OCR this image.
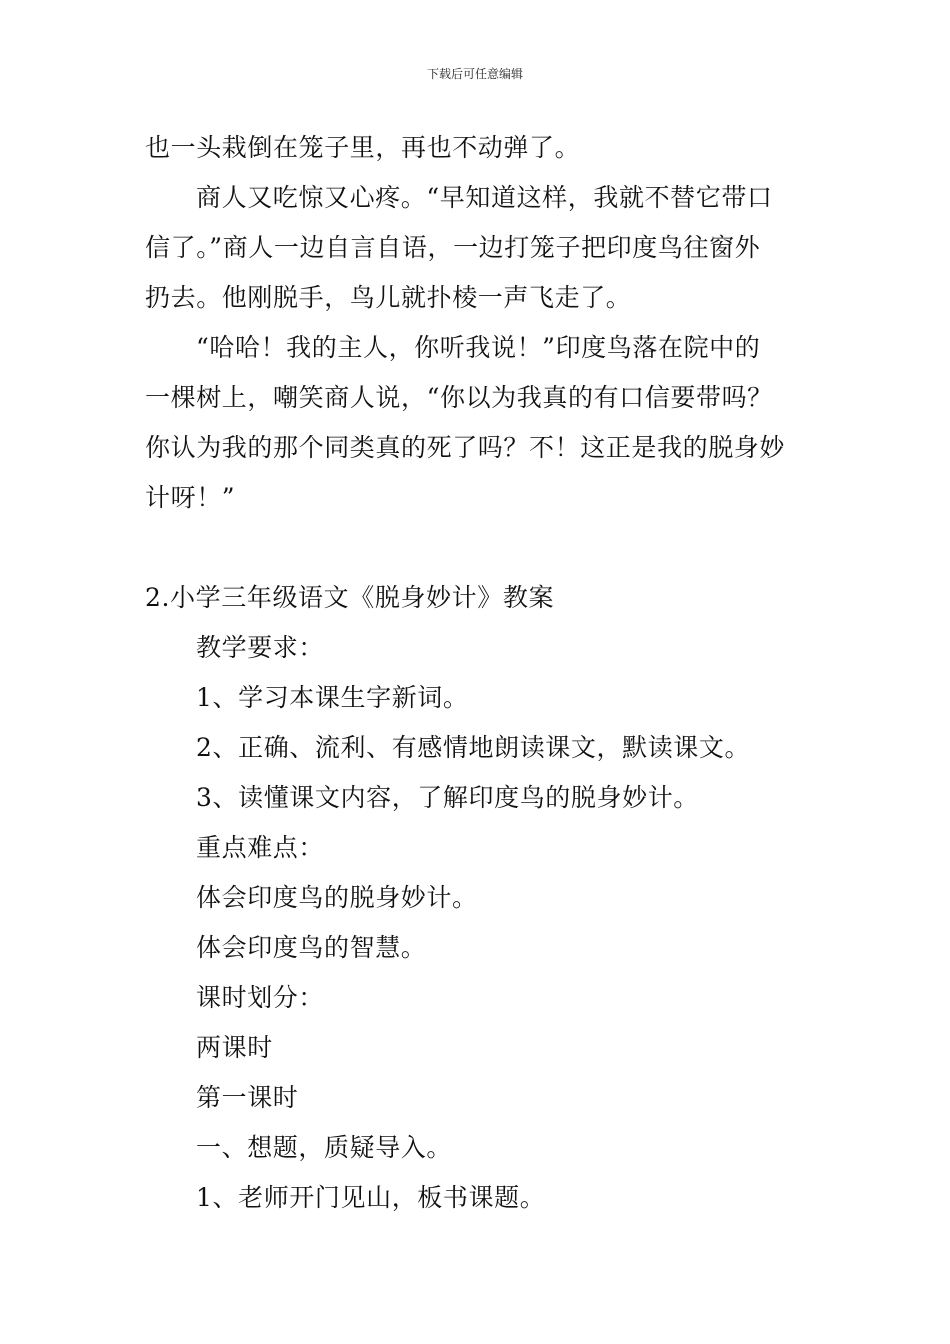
下载后可任意编辑
也一头栽倒在笼子里，再也不动弹了。
商人又吃惊又心疼。“早知道这样，我就不替它带口
信了。”商人一边自言自语，一边打笼子把印度鸟往窗外
扔去。他刚脱手，鸟儿就扑棱一声飞走了。
“哈哈！我的主人，你听我说！”印度鸟落在院中的
一棵树上，嘲笑商人说，“你以为我真的有口信要带吗？
你认为我的那个同类真的死了吗？不！这正是我的脱身妙
计呀！”
2.小学三年级语文《脱身妙计》教案
教学要求：
1、学习本课生字新词。
2、正确、流利、有感情地朗读课文，默读课文。
3、读懂课文内容，了解印度鸟的脱身妙计。
重点难点：
体会印度鸟的脱身妙计。
体会印度鸟的智慧。
课时划分：
两课时
第一课时
一、想题，质疑导入。
1、老师开门见山，板书课题。
